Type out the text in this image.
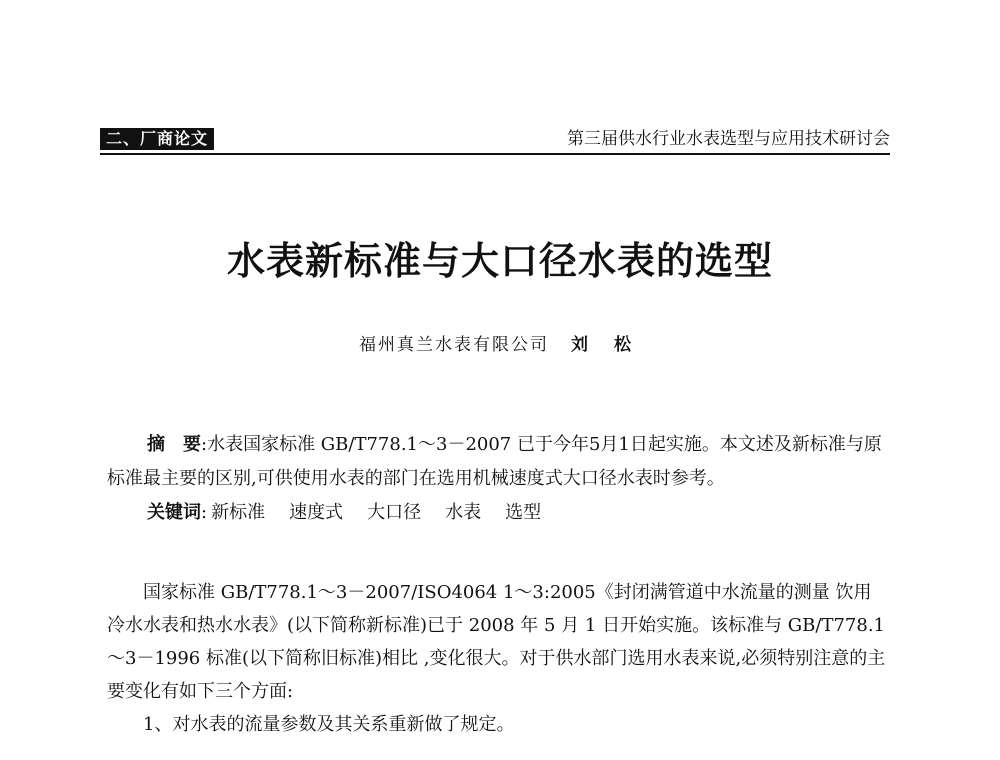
二、厂商论文	第三届供水行业水表选型与应用技术研讨会
水表新标准与大口径水表的选型
福州真兰水表有限公司 刘 松

摘　要:水表国家标准 GB/T778.1～3－2007 已于今年5月1日起实施。本文述及新标准与原标准最主要的区别,可供使用水表的部门在选用机械速度式大口径水表时参考。

关键词: 新标准 速度式 大口径 水表 选型

国家标准 GB/T778.1～3－2007/ISO4064 1～3:2005《封闭满管道中水流量的测量 饮用冷水水表和热水水表》(以下简称新标准)已于 2008 年 5 月 1 日开始实施。该标准与 GB/T778.1～3－1996 标准(以下简称旧标准)相比 ,变化很大。对于供水部门选用水表来说,必须特别注意的主要变化有如下三个方面:

1、对水表的流量参数及其关系重新做了规定。
